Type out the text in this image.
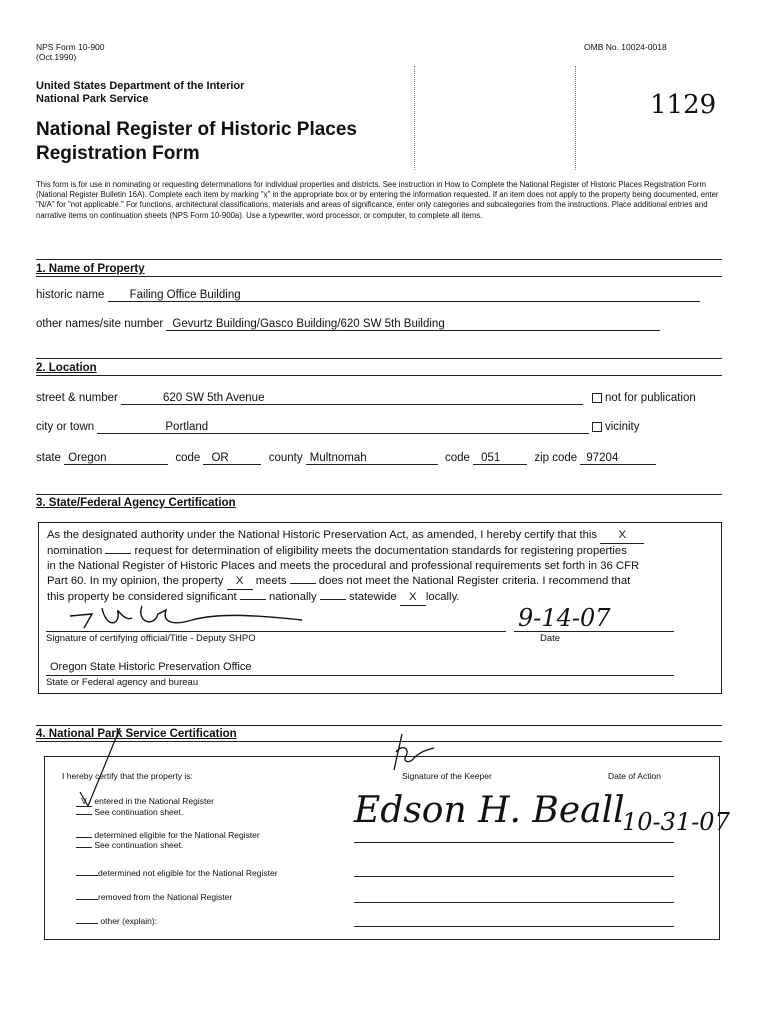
NPS Form 10-900
(Oct.1990)
OMB No. 10024-0018
United States Department of the Interior
National Park Service
National Register of Historic Places
Registration Form
1129
This form is for use in nominating or requesting determinations for individual properties and districts. See instruction in How to Complete the National Register of Historic Places Registration Form (National Register Bulletin 16A). Complete each item by marking "x" in the appropriate box or by entering the information requested. If an item does not apply to the property being documented, enter "N/A" for "not applicable." For functions, architectural classifications, materials and areas of significance, enter only categories and subcategories from the instructions. Place additional entries and narrative items on continuation sheets (NPS Form 10-900a). Use a typewriter, word processor, or computer, to complete all items.
1. Name of Property
historic name Failing Office Building
other names/site number Gevurtz Building/Gasco Building/620 SW 5th Building
2. Location
street & number	620 SW 5th Avenue	not for publication
city or town	Portland	vicinity
state Oregon	code OR	county Multnomah	code 051	zip code 97204
3. State/Federal Agency Certification
As the designated authority under the National Historic Preservation Act, as amended, I hereby certify that this X
nomination	request for determination of eligibility meets the documentation standards for registering properties
in the National Register of Historic Places and meets the procedural and professional requirements set forth in 36 CFR
Part 60. In my opinion, the property X meets	does not meet the National Register criteria. I recommend that
this property be considered significant	nationally	statewide X locally.
9-14-07
Signature of certifying official/Title - Deputy SHPO	Date
Oregon State Historic Preservation Office
State or Federal agency and bureau
4. National Park Service Certification
I hereby certify that the property is:	Signature of the Keeper	Date of Action
V entered in the National Register
See continuation sheet.
determined eligible for the National Register
See continuation sheet.
determined not eligible for the National Register
removed from the National Register
other (explain):
Edson H. Beall
10-31-07
